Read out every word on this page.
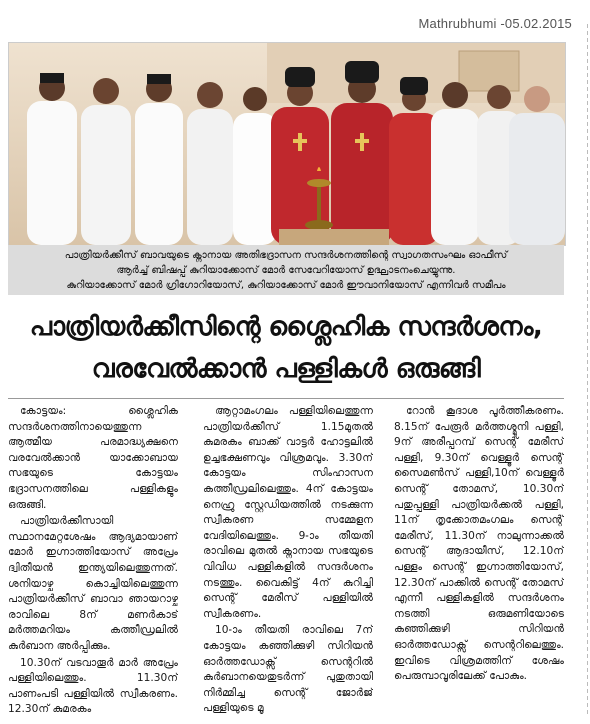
Mathrubhumi -05.02.2015
പാത്രിയർക്കീസ് ബാവയുടെ ക്നാനായ അതിഭദ്രാസന സന്ദർശനത്തിന്റെ സ്വാഗതസംഘം ഓഫീസ്
ആർച്ച് ബിഷപ്പ് കുറിയാക്കോസ് മോർ സേവേറിയോസ് ഉദ്ഘാടനംചെയ്യുന്നു.
കുറിയാക്കോസ് മോർ ഗ്രിഗോറിയോസ്, കുറിയാക്കോസ് മോർ ഈവാനിയോസ് എന്നിവർ സമീപം
പാത്രിയർക്കീസിന്റെ ശ്ലൈഹിക സന്ദർശനം,
വരവേൽക്കാൻ പള്ളികൾ ഒരുങ്ങി

കോട്ടയം: ശ്ലൈഹിക സന്ദർശനത്തിനായെത്തുന്ന ആത്മീയ പരമാദ്ധ്യക്ഷനെ വരവേൽക്കാൻ യാക്കോബായ സഭയുടെ കോട്ടയം ഭദ്രാസനത്തിലെ പള്ളികളും ഒരുങ്ങി.

പാത്രിയർക്കീസായി സ്ഥാനമേറ്റശേഷം ആദ്യമായാണ് മോർ ഇഗ്നാത്തിയോസ് അപ്രേം ദ്വിതീയൻ ഇന്ത്യയിലെത്തുന്നത്. ശനിയാഴ്ച കൊച്ചിയിലെത്തുന്ന പാത്രിയർക്കീസ് ബാവാ ഞായറാഴ്ച രാവിലെ 8ന് മണർകാട് മർത്തമറിയം കത്തീഡ്രലിൽ കുർബാന അർപ്പിക്കും.

10.30ന് വടവാതൂർ മാർ അപ്രേം പള്ളിയിലെത്തും. 11.30ന് പാണംപടി പള്ളിയിൽ സ്വീകരണം. 12.30ന് കുമരകം

ആറ്റാമംഗലം പള്ളിയിലെത്തുന്ന പാത്രിയർക്കീസ് 1.15മുതൽ കുമരകം ബാക്ക് വാട്ടർ ഹോട്ടലിൽ ഉച്ചഭക്ഷണവും വിശ്രമവും. 3.30ന് കോട്ടയം സിംഹാസന കത്തീഡ്രലിലെത്തും. 4ന് കോട്ടയം നെഹ്രു സ്റ്റേഡിയത്തിൽ നടക്കുന്ന സ്വീകരണ സമ്മേളന വേദിയിലെത്തും. 9-ാം തീയതി രാവിലെ മുതൽ ക്നാനായ സഭയുടെ വിവിധ പള്ളികളിൽ സന്ദർശനം നടത്തും. വൈകിട്ട് 4ന് കുറിച്ചി സെന്റ് മേരീസ് പള്ളിയിൽ സ്വീകരണം.

10-ാം തീയതി രാവിലെ 7ന് കോട്ടയം കഞ്ഞിക്കുഴി സിറിയൻ ഓർത്തഡോക്സ് സെന്ററിൽ കുർബാനയെതുടർന്ന് പുതുതായി നിർമ്മിച്ച സെന്റ് ജോർജ് പള്ളിയുടെ മൂ

റോൻ കൂദാശ പൂർത്തീകരണം. 8.15ന് പേരൂർ മർത്തശ്മൂനി പള്ളി, 9ന് അരീപ്പറമ്പ് സെന്റ് മേരീസ് പള്ളി, 9.30ന് വെള്ളൂർ സെന്റ് സൈമൺസ് പള്ളി,10ന് വെള്ളൂർ സെന്റ് തോമസ്, 10.30ന് പതുപ്പള്ളി പാത്രിയർക്കൽ പള്ളി, 11ന് തൃക്കോതമംഗലം സെന്റ് മേരീസ്, 11.30ന് നാലുന്നാക്കൽ സെന്റ് ആദായീസ്, 12.10ന് പള്ളം സെന്റ് ഇഗ്നാത്തിയോസ്, 12.30ന് പാക്കിൽ സെന്റ് തോമസ് എന്നീ പള്ളികളിൽ സന്ദർശനം നടത്തി ഒരുമണിയോടെ കഞ്ഞിക്കുഴി സിറിയൻ ഓർത്തഡോക്സ് സെന്ററിലെത്തും. ഇവിടെ വിശ്രമത്തിന് ശേഷം പെരുമ്പാവൂരിലേക്ക് പോകും.
